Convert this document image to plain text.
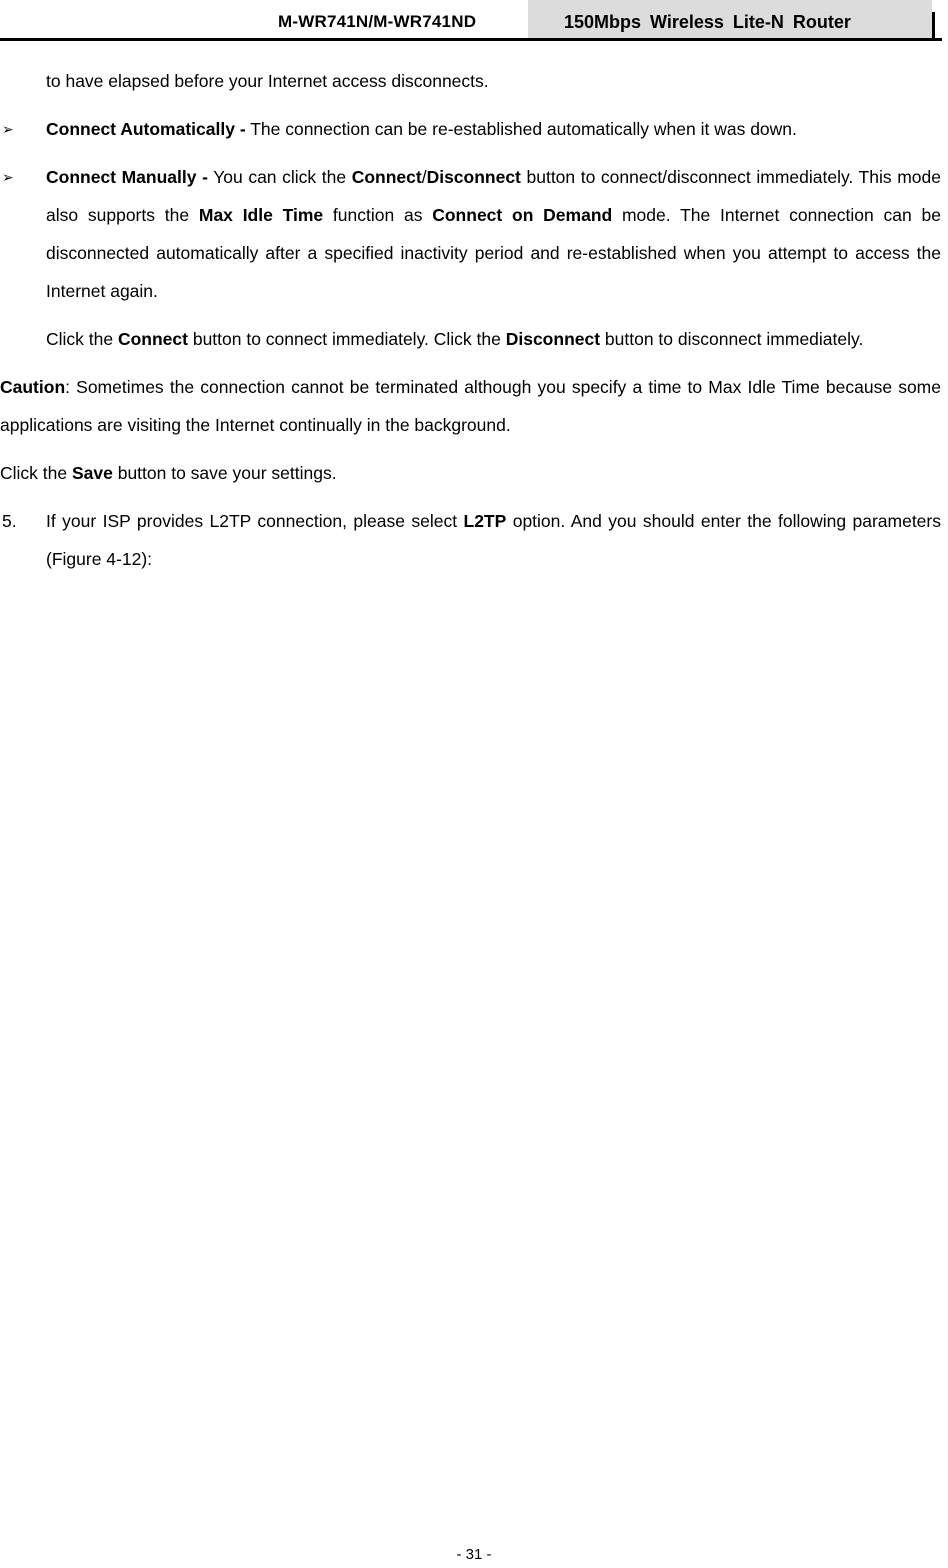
M-WR741N/M-WR741ND	150Mbps Wireless Lite-N Router

to have elapsed before your Internet access disconnects.

➢ Connect Automatically - The connection can be re-established automatically when it was down.

➢ Connect Manually - You can click the Connect/Disconnect button to connect/disconnect immediately. This mode also supports the Max Idle Time function as Connect on Demand mode. The Internet connection can be disconnected automatically after a specified inactivity period and re-established when you attempt to access the Internet again.

Click the Connect button to connect immediately. Click the Disconnect button to disconnect immediately.

Caution: Sometimes the connection cannot be terminated although you specify a time to Max Idle Time because some applications are visiting the Internet continually in the background.

Click the Save button to save your settings.

5. If your ISP provides L2TP connection, please select L2TP option. And you should enter the following parameters (Figure 4-12):

- 31 -
